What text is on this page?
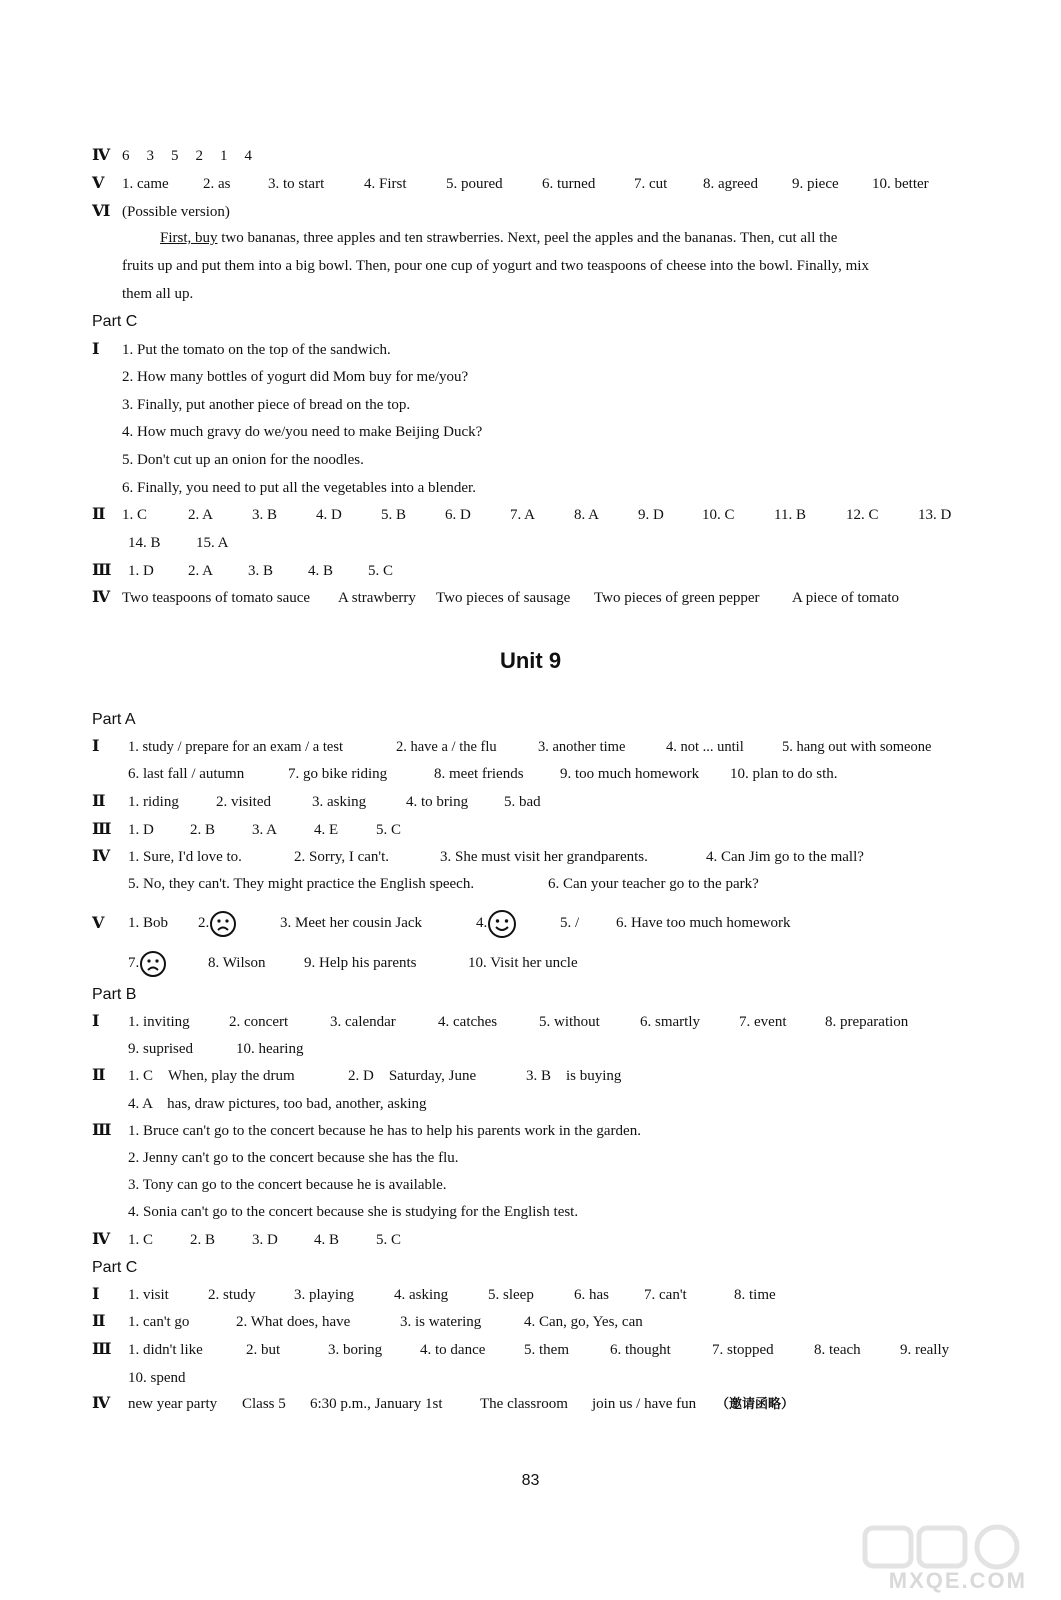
Ⅳ 6　3　5　2　1　4
Ⅴ 1. came 2. as	3. to start	4. First	5. poured	6. turned	7. cut 8. agreed 9. piece 10. better
Ⅵ (Possible version)
First, buy two bananas, three apples and ten strawberries. Next, peel the apples and the bananas. Then, cut all the
fruits up and put them into a big bowl. Then, pour one cup of yogurt and two teaspoons of cheese into the bowl. Finally, mix
them all up.
Part C
Ⅰ 1. Put the tomato on the top of the sandwich.
2. How many bottles of yogurt did Mom buy for me/you?
3. Finally, put another piece of bread on the top.
4. How much gravy do we/you need to make Beijing Duck?
5. Don't cut up an onion for the noodles.
6. Finally, you need to put all the vegetables into a blender.
Ⅱ 1. C	2. A	3. B	4. D	5. B	6. D	7. A	8. A	9. D	10. C	11. B	12. C	13. D
14. B 15. A
Ⅲ 1. D 2. A 3. B 4. B 5. C
Ⅳ Two teaspoons of tomato sauce A strawberry Two pieces of sausage Two pieces of green pepper A piece of tomato
Unit 9
Part A
Ⅰ 1. study / prepare for an exam / a test	2. have a / the flu	3. another time	4. not ... until	5. hang out with someone
6. last fall / autumn	7. go bike riding	8. meet friends 9. too much homework 10. plan to do sth.
Ⅱ 1. riding 2. visited	3. asking	4. to bring 5. bad
Ⅲ 1. D 2. B 3. A 4. E	5. C
Ⅳ 1. Sure, I'd love to.	2. Sorry, I can't.	3. She must visit her grandparents.	4. Can Jim go to the mall?
5. No, they can't. They might practice the English speech.	6. Can your teacher go to the park?
Ⅴ 1. Bob 2.	3. Meet her cousin Jack	4.	5. / 6. Have too much homework
7.	8. Wilson	9. Help his parents	10. Visit her uncle
Part B
Ⅰ 1. inviting	2. concert	3. calendar	4. catches	5. without	6. smartly	7. event	8. preparation
9. suprised	10. hearing
Ⅱ 1. C　When, play the drum	2. D　Saturday, June	3. B　is buying
4. A　has, draw pictures, too bad, another, asking
Ⅲ 1. Bruce can't go to the concert because he has to help his parents work in the garden.
2. Jenny can't go to the concert because she has the flu.
3. Tony can go to the concert because he is available.
4. Sonia can't go to the concert because she is studying for the English test.
Ⅳ 1. C 2. B 3. D 4. B 5. C
Part C
Ⅰ 1. visit	2. study	3. playing	4. asking	5. sleep	6. has 7. can't	8. time
Ⅱ 1. can't go	2. What does, have	3. is watering	4. Can, go, Yes, can
Ⅲ 1. didn't like	2. but	3. boring	4. to dance	5. them	6. thought	7. stopped	8. teach	9. really
10. spend
Ⅳ new year party Class 5 6:30 p.m., January 1st	The classroom join us / have fun （邀请函略）
83
MXQE.COM
